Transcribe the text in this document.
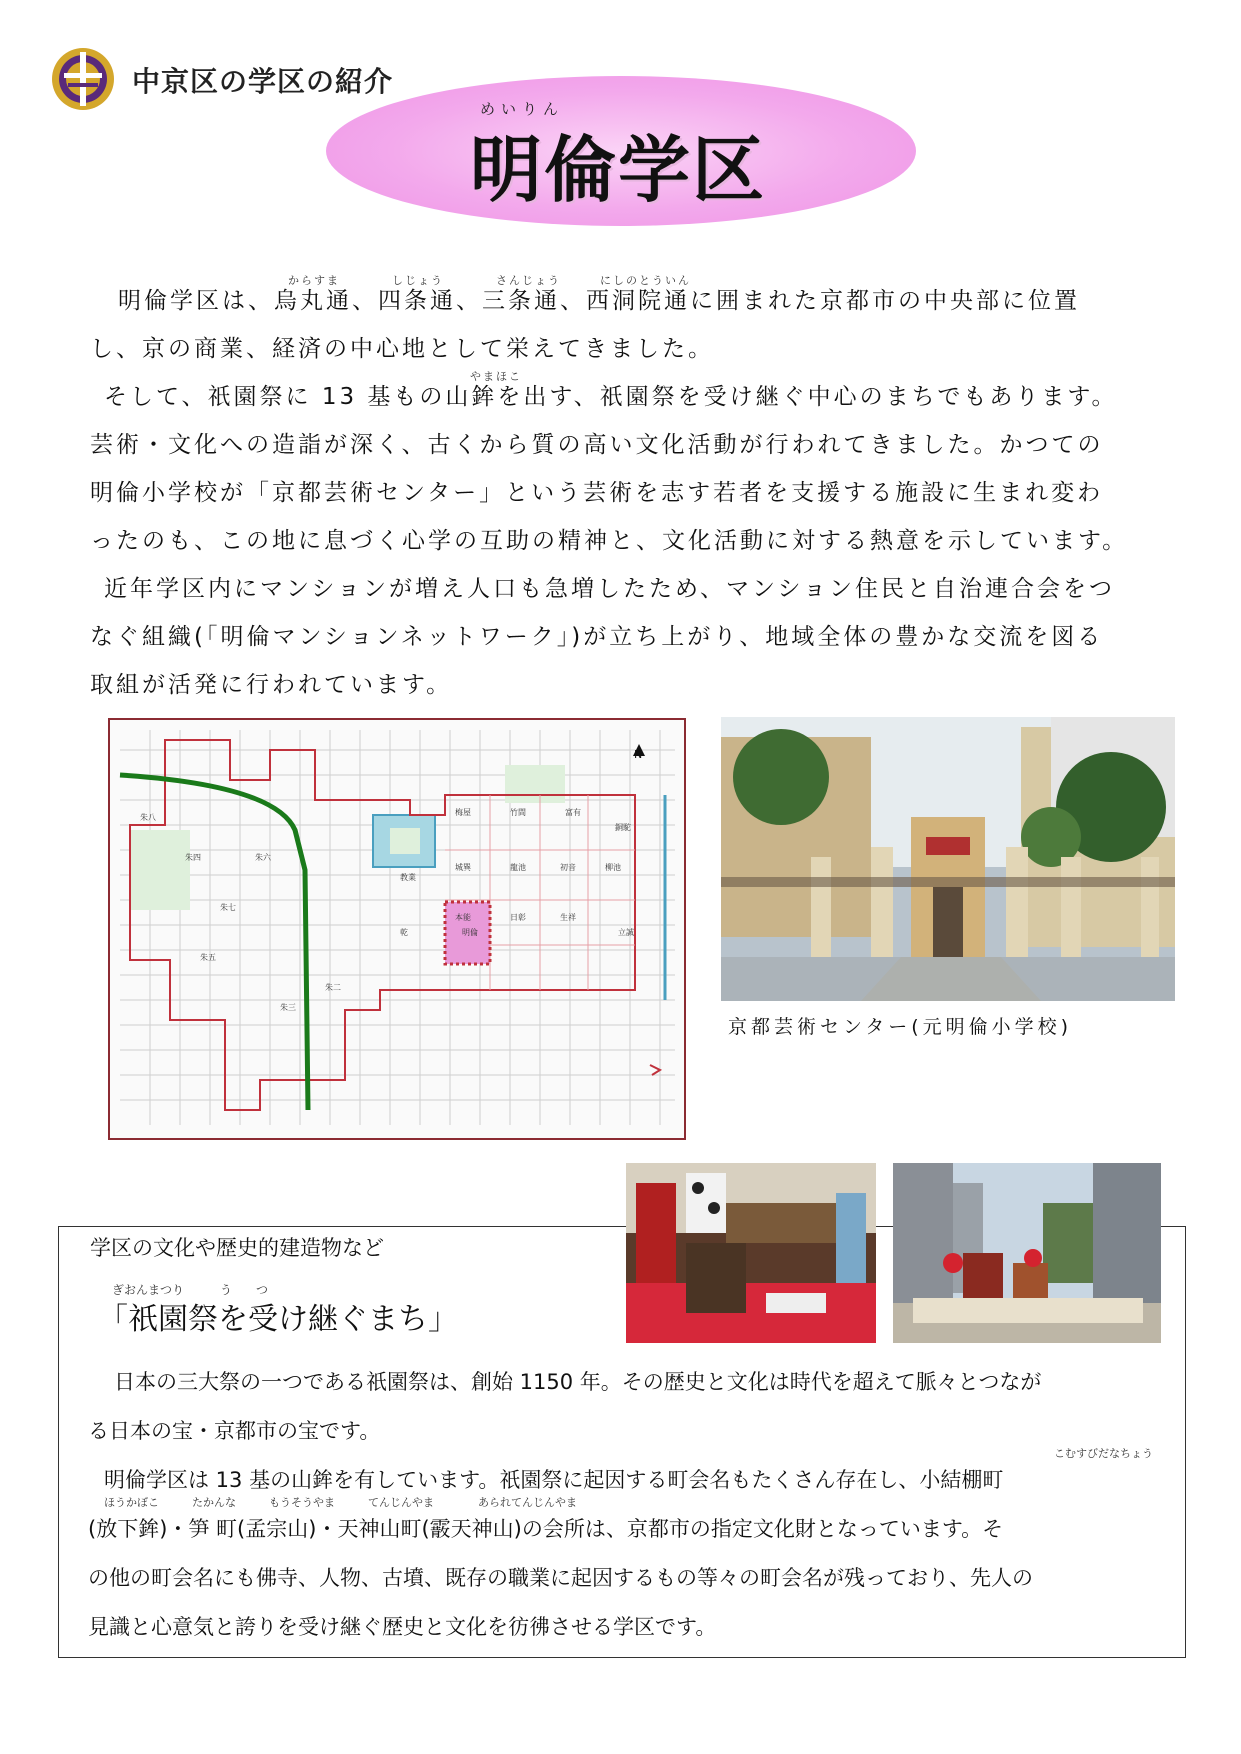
中京区の学区の紹介
めいりん
明倫学区
からすま　　　　しじょう　　　　さんじょう　　　にしのとういん
明倫学区は、烏丸通、四条通、三条通、西洞院通に囲まれた京都市の中央部に位置
し、京の商業、経済の中心地として栄えてきました。
やまほこ
そして、祇園祭に 13 基もの山鉾を出す、祇園祭を受け継ぐ中心のまちでもあります。
芸術・文化への造詣が深く、古くから質の高い文化活動が行われてきました。かつての
明倫小学校が「京都芸術センター」という芸術を志す若者を支援する施設に生まれ変わ
ったのも、この地に息づく心学の互助の精神と、文化活動に対する熱意を示しています。
近年学区内にマンションが増え人口も急増したため、マンション住民と自治連合会をつ
なぐ組織(「明倫マンションネットワーク」)が立ち上がり、地域全体の豊かな交流を図る
取組が活発に行われています。
梅屋	竹間	富有
銅駝
城巽	龍池	初音	柳池
本能
明倫
日彰	生祥
立誠
乾
教業
朱八
朱四	朱六
朱七
朱五
朱三
朱二
京都芸術センター(元明倫小学校)
学区の文化や歴史的建造物など
ぎおんまつり　　　う　　つ
「祇園祭を受け継ぐまち」
日本の三大祭の一つである祇園祭は、創始 1150 年。その歴史と文化は時代を超えて脈々とつなが
る日本の宝・京都市の宝です。
こむすびだなちょう
明倫学区は 13 基の山鉾を有しています。祇園祭に起因する町会名もたくさん存在し、小結棚町
ほうかぼこ　　　たかんな　　　もうそうやま　　　てんじんやま　　　　あられてんじんやま
(放下鉾)・笋 町(孟宗山)・天神山町(霰天神山)の会所は、京都市の指定文化財となっています。そ
の他の町会名にも佛寺、人物、古墳、既存の職業に起因するもの等々の町会名が残っており、先人の
見識と心意気と誇りを受け継ぐ歴史と文化を彷彿させる学区です。
